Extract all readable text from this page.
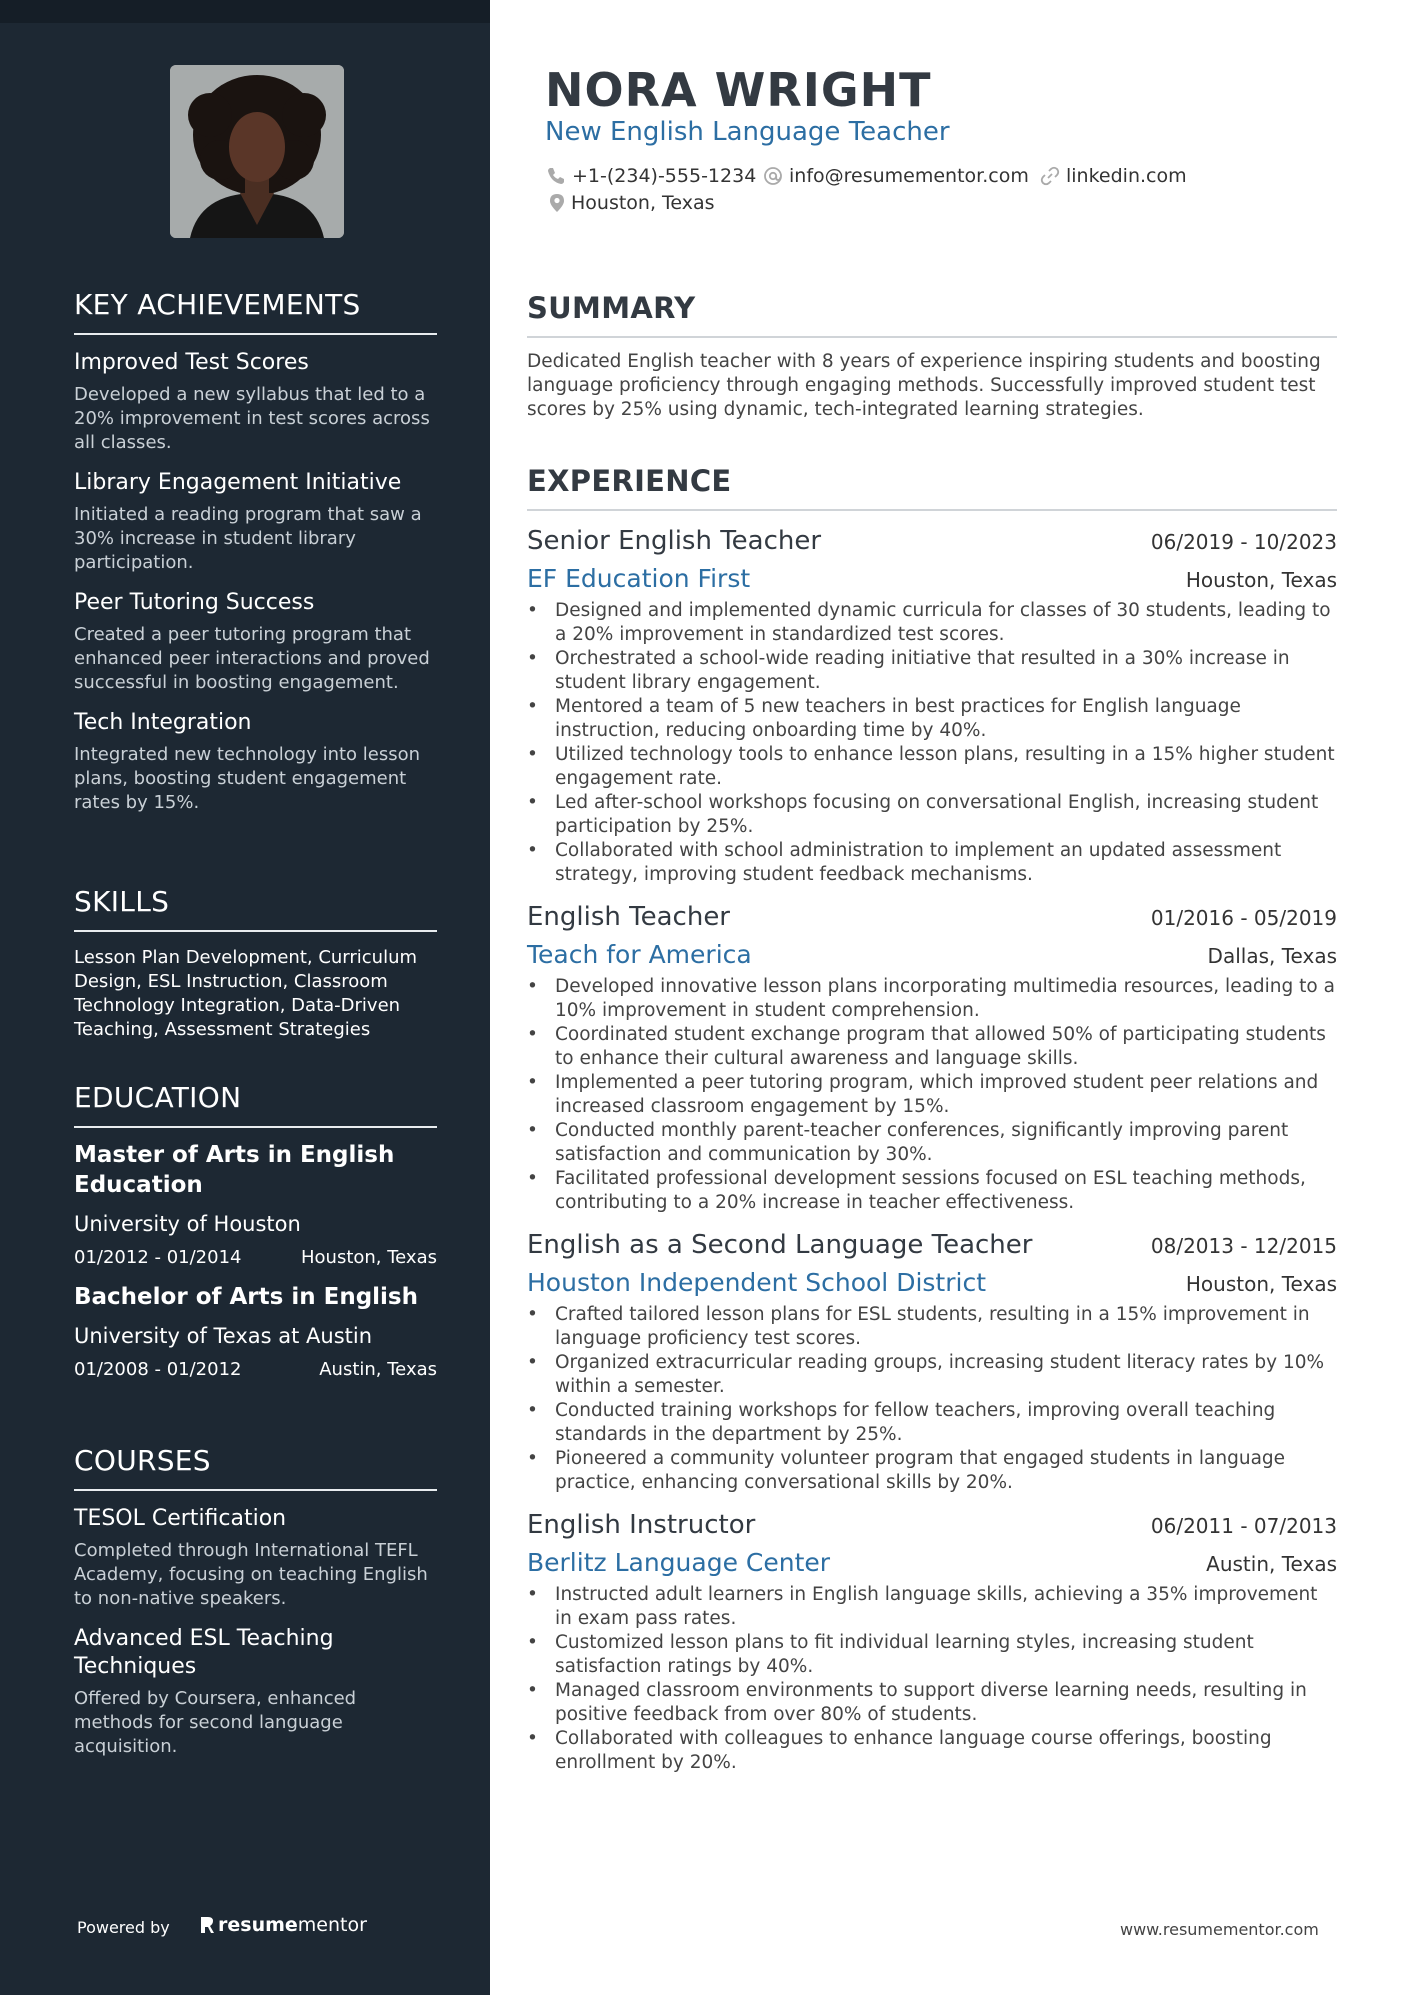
KEY ACHIEVEMENTS
Improved Test Scores
Developed a new syllabus that led to a 20% improvement in test scores across all classes.
Library Engagement Initiative
Initiated a reading program that saw a 30% increase in student library participation.
Peer Tutoring Success
Created a peer tutoring program that enhanced peer interactions and proved successful in boosting engagement.
Tech Integration
Integrated new technology into lesson plans, boosting student engagement rates by 15%.
SKILLS
Lesson Plan Development, Curriculum Design, ESL Instruction, Classroom Technology Integration, Data-Driven Teaching, Assessment Strategies
EDUCATION
Master of Arts in English Education
University of Houston
01/2012 - 01/2014	Houston, Texas
Bachelor of Arts in English
University of Texas at Austin
01/2008 - 01/2012	Austin, Texas
COURSES
TESOL Certification
Completed through International TEFL Academy, focusing on teaching English to non-native speakers.
Advanced ESL Teaching Techniques
Offered by Coursera, enhanced methods for second language acquisition.
Powered by	resume mentor
NORA WRIGHT
New English Language Teacher
+1-(234)-555-1234 info@resumementor.com linkedin.com
Houston, Texas
SUMMARY

Dedicated English teacher with 8 years of experience inspiring students and boosting language proficiency through engaging methods. Successfully improved student test scores by 25% using dynamic, tech-integrated learning strategies.

EXPERIENCE
Senior English Teacher	06/2019 - 10/2023
EF Education First	Houston, Texas
• Designed and implemented dynamic curricula for classes of 30 students, leading to a 20% improvement in standardized test scores.
• Orchestrated a school-wide reading initiative that resulted in a 30% increase in student library engagement.
• Mentored a team of 5 new teachers in best practices for English language instruction, reducing onboarding time by 40%.
• Utilized technology tools to enhance lesson plans, resulting in a 15% higher student engagement rate.
• Led after-school workshops focusing on conversational English, increasing student participation by 25%.
• Collaborated with school administration to implement an updated assessment strategy, improving student feedback mechanisms.
English Teacher	01/2016 - 05/2019
Teach for America	Dallas, Texas
• Developed innovative lesson plans incorporating multimedia resources, leading to a 10% improvement in student comprehension.
• Coordinated student exchange program that allowed 50% of participating students to enhance their cultural awareness and language skills.
• Implemented a peer tutoring program, which improved student peer relations and increased classroom engagement by 15%.
• Conducted monthly parent-teacher conferences, significantly improving parent satisfaction and communication by 30%.
• Facilitated professional development sessions focused on ESL teaching methods, contributing to a 20% increase in teacher effectiveness.
English as a Second Language Teacher	08/2013 - 12/2015
Houston Independent School District	Houston, Texas
• Crafted tailored lesson plans for ESL students, resulting in a 15% improvement in language proficiency test scores.
• Organized extracurricular reading groups, increasing student literacy rates by 10% within a semester.
• Conducted training workshops for fellow teachers, improving overall teaching standards in the department by 25%.
• Pioneered a community volunteer program that engaged students in language practice, enhancing conversational skills by 20%.
English Instructor	06/2011 - 07/2013
Berlitz Language Center	Austin, Texas
• Instructed adult learners in English language skills, achieving a 35% improvement in exam pass rates.
• Customized lesson plans to fit individual learning styles, increasing student satisfaction ratings by 40%.
• Managed classroom environments to support diverse learning needs, resulting in positive feedback from over 80% of students.
• Collaborated with colleagues to enhance language course offerings, boosting enrollment by 20%.
www.resumementor.com
